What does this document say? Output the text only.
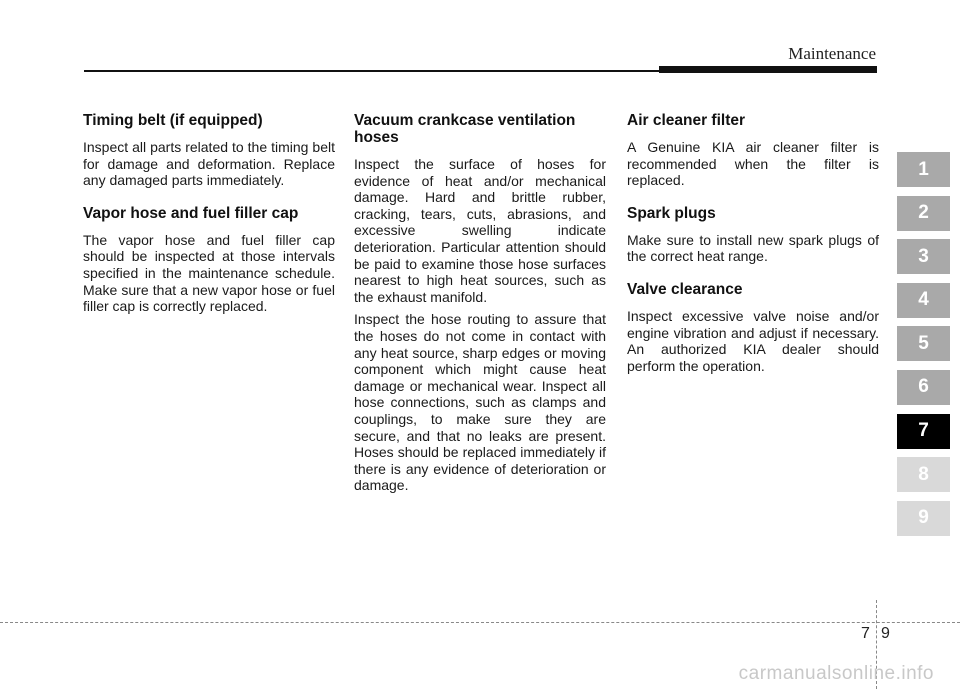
Maintenance
Timing belt (if equipped)

Inspect all parts related to the timing belt for damage and deformation. Replace any damaged parts immediately.

Vapor hose and fuel filler cap

The vapor hose and fuel filler cap should be inspected at those intervals specified in the maintenance schedule. Make sure that a new vapor hose or fuel filler cap is correctly replaced.

Vacuum crankcase ventilation hoses

Inspect the surface of hoses for evidence of heat and/or mechanical damage. Hard and brittle rubber, cracking, tears, cuts, abrasions, and excessive swelling indicate deterioration. Particular attention should be paid to examine those hose surfaces nearest to high heat sources, such as the exhaust manifold.

Inspect the hose routing to assure that the hoses do not come in contact with any heat source, sharp edges or moving component which might cause heat damage or mechanical wear. Inspect all hose connections, such as clamps and couplings, to make sure they are secure, and that no leaks are present. Hoses should be replaced immediately if there is any evidence of deterioration or damage.

Air cleaner filter

A Genuine KIA air cleaner filter is recommended when the filter is replaced.

Spark plugs

Make sure to install new spark plugs of the correct heat range.

Valve clearance

Inspect excessive valve noise and/or engine vibration and adjust if necessary. An authorized KIA dealer should perform the operation.

1
2
3
4
5
6
7
8
9
7 9
carmanualsonline.info
